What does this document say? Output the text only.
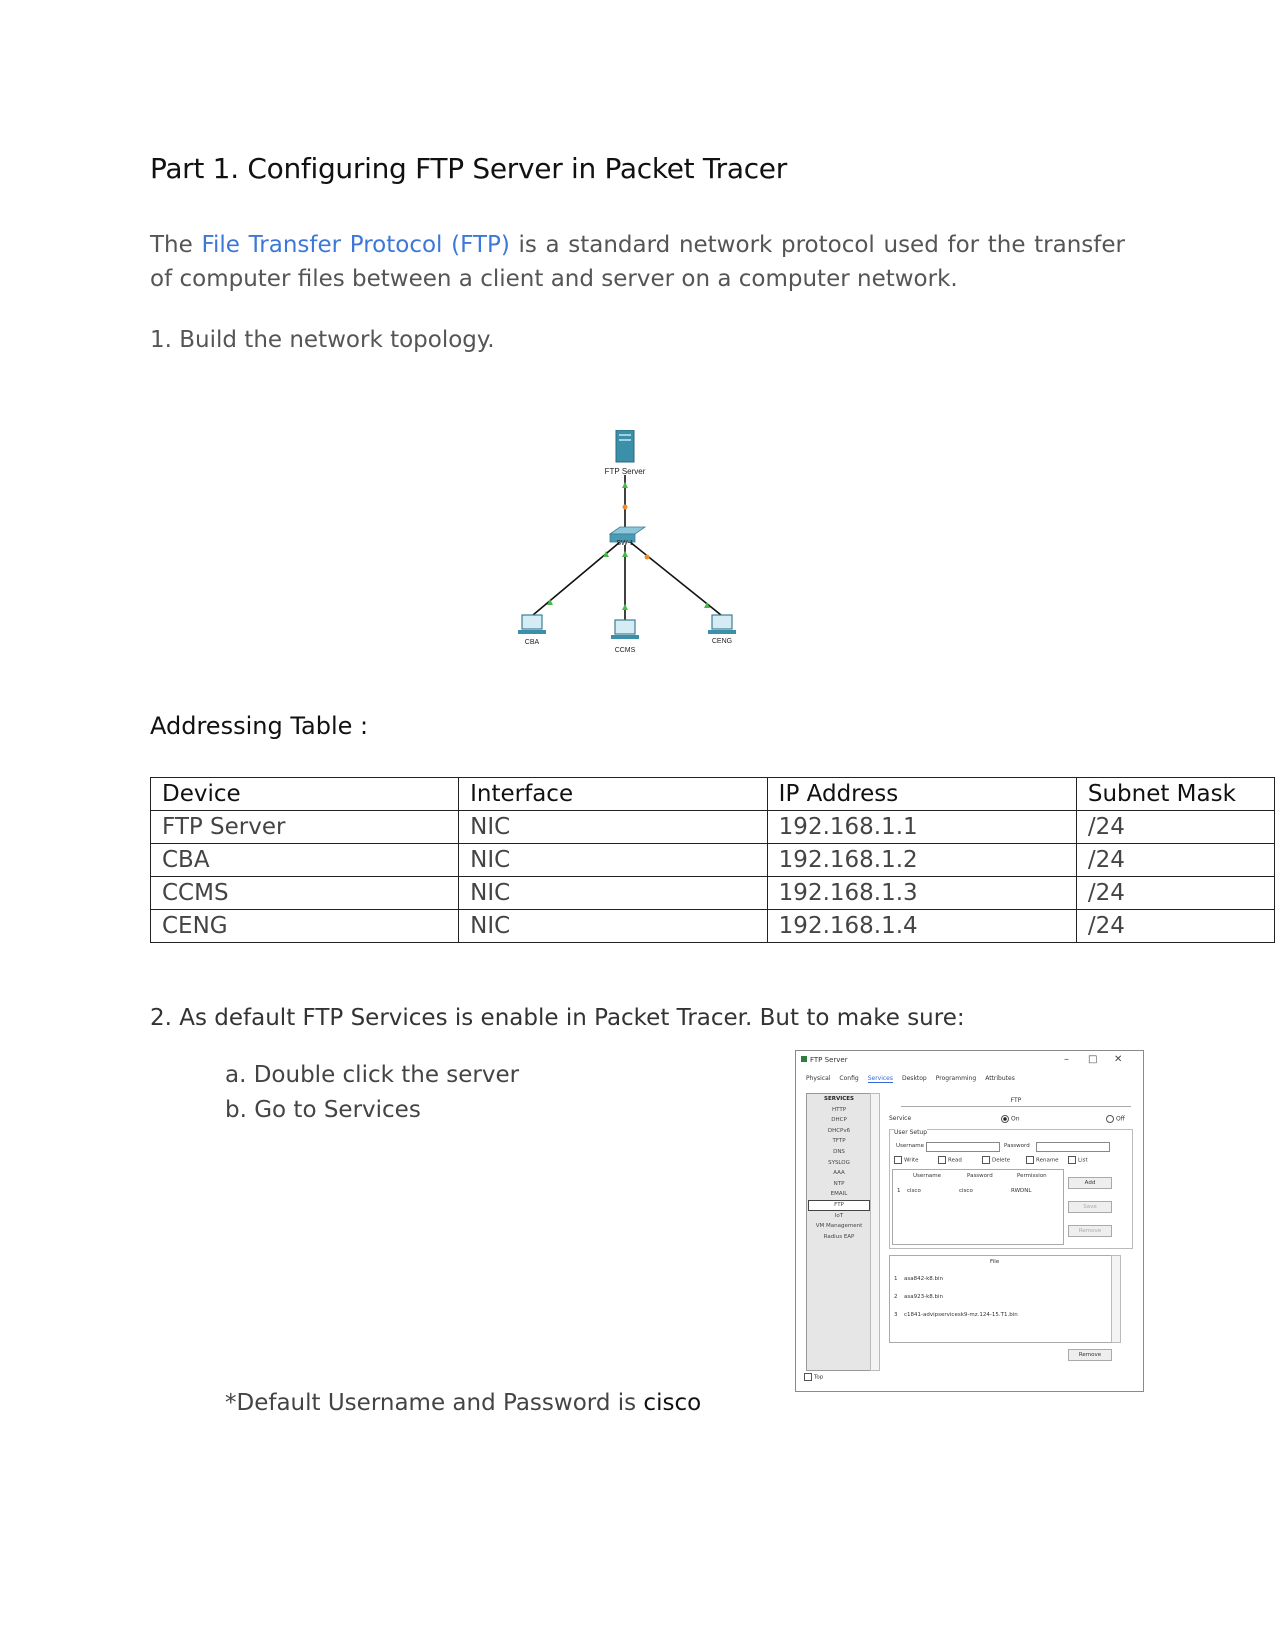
Part 1. Configuring FTP Server in Packet Tracer
The File Transfer Protocol (FTP) is a standard network protocol used for the transfer of computer files between a client and server on a computer network.
1. Build the network topology.
FTP Server
SW-1
CBA
CCMS
CENG
Addressing Table :
Device	Interface	IP Address	Subnet Mask
FTP Server	NIC	192.168.1.1	/24
CBA	NIC	192.168.1.2	/24
CCMS	NIC	192.168.1.3	/24
CENG	NIC	192.168.1.4	/24
2. As default FTP Services is enable in Packet Tracer. But to make sure:
a. Double click the server
b. Go to Services
*Default Username and Password is cisco
FTP Server	– □ ✕
Physical Config Services Desktop Programming Attributes
SERVICES
HTTP
DHCP
DHCPv6
TFTP
DNS
SYSLOG
AAA
NTP
EMAIL
FTP
IoT
VM Management
Radius EAP
FTP
Service	On	Off
User Setup
Username	Password
Write	Read	Delete	Rename	List
Username	Password	Permission
1 cisco	cisco	RWDNL
Add
Save
Remove
File
1 asa842-k8.bin
2 asa923-k8.bin
3 c1841-advipservicesk9-mz.124-15.T1.bin
Remove
Top
